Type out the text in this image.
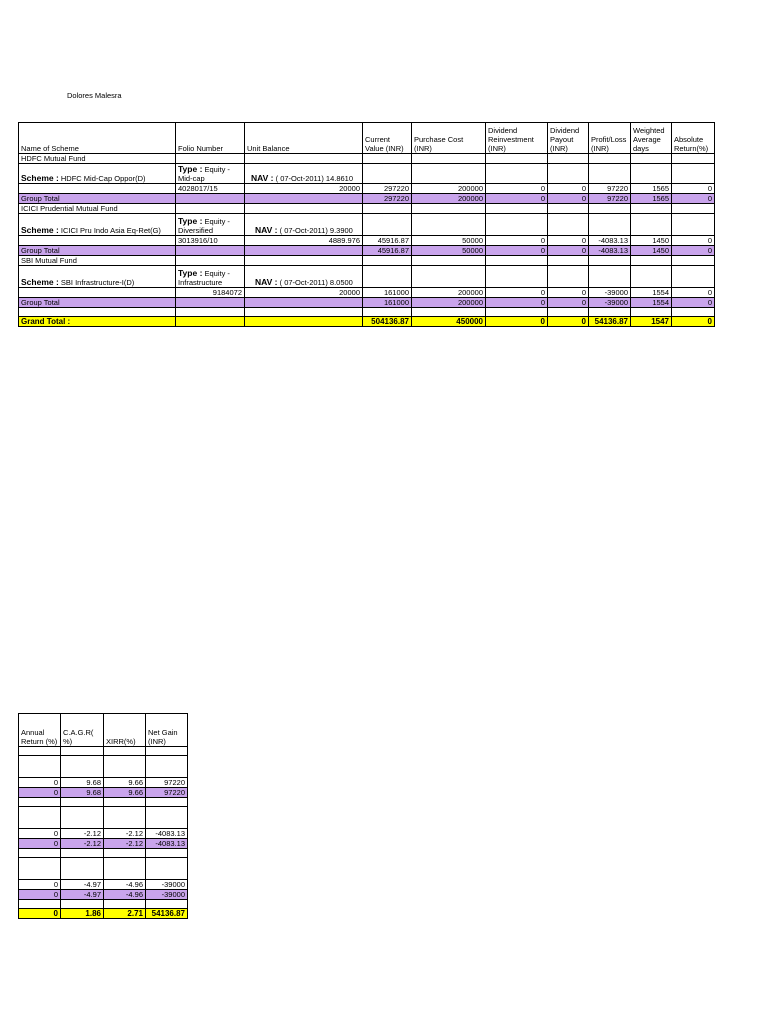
Dolores Malesra
Name of Scheme	Folio Number	Unit Balance	Current Value (INR)	Purchase Cost (INR)	Dividend Reinvestment (INR)	Dividend Payout (INR)	Profit/Loss(INR)	Weighted Average days	Absolute Return(%)
HDFC Mutual Fund									
Scheme : HDFC Mid-Cap Oppor(D)	Type : Equity - Mid-cap	NAV : ( 07-Oct-2011) 14.8610							
	4028017/15	20000	297220	200000	0	0	97220	1565	0
Group Total			297220	200000	0	0	97220	1565	0
ICICI Prudential Mutual Fund									
Scheme : ICICI Pru Indo Asia Eq-Ret(G)	Type : Equity - Diversified	NAV : ( 07-Oct-2011) 9.3900							
	3013916/10	4889.976	45916.87	50000	0	0	-4083.13	1450	0
Group Total			45916.87	50000	0	0	-4083.13	1450	0
SBI Mutual Fund									
Scheme : SBI Infrastructure-I(D)	Type : Equity - Infrastructure	NAV : ( 07-Oct-2011) 8.0500							
	9184072	20000	161000	200000	0	0	-39000	1554	0
Group Total			161000	200000	0	0	-39000	1554	0

Grand Total :			504136.87	450000	0	0	54136.87	1547	0
Annual Return (%)	C.A.G.R( %)	XIRR(%)	Net Gain (INR)

0	9.68	9.66	97220
0	9.68	9.66	97220

0	-2.12	-2.12	-4083.13
0	-2.12	-2.12	-4083.13

0	-4.97	-4.96	-39000
0	-4.97	-4.96	-39000

0	1.86	2.71	54136.87
